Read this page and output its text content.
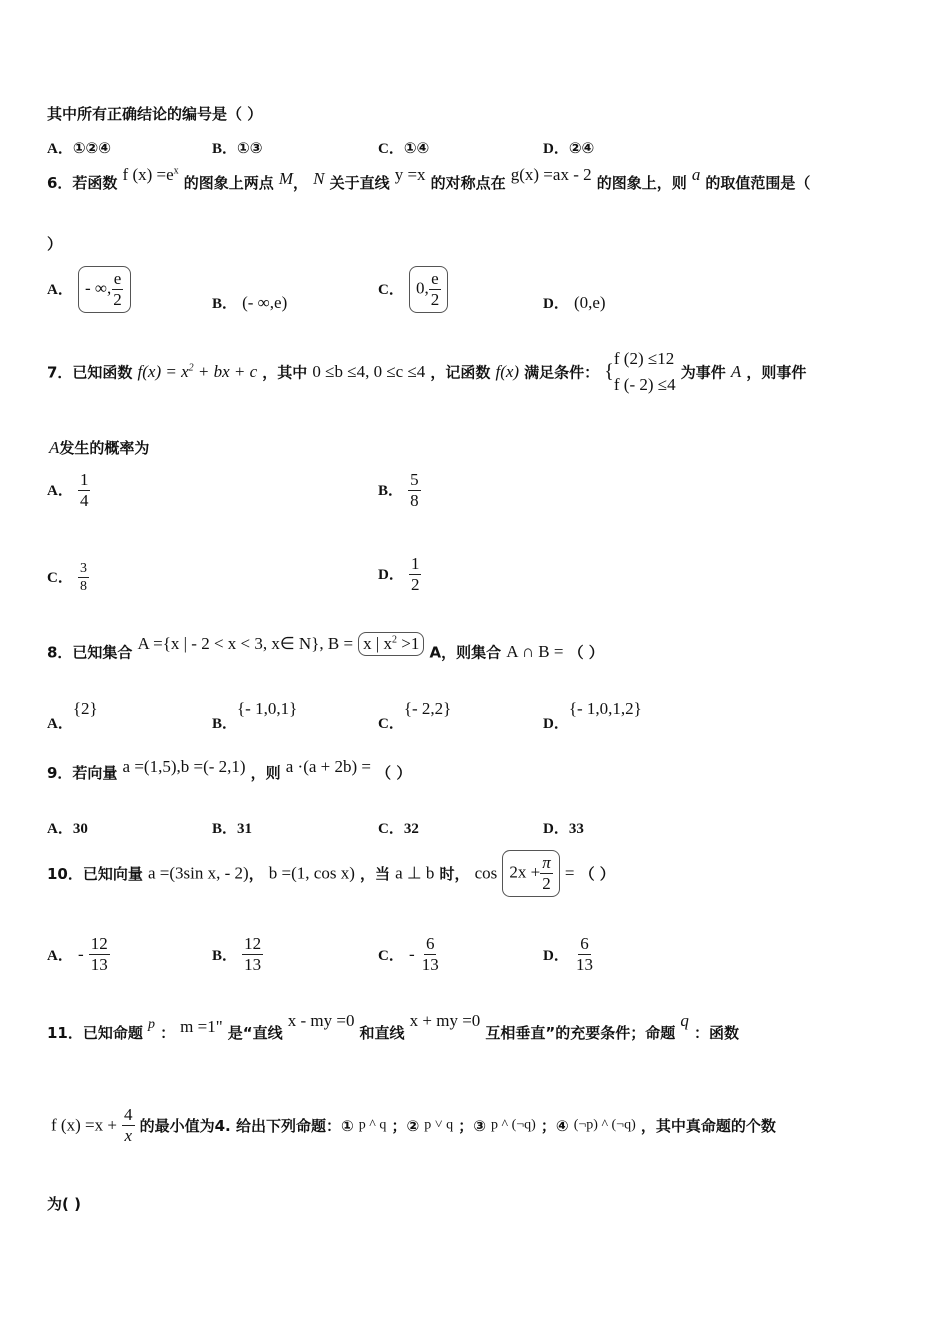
其中所有正确结论的编号是（ ）
A．①②④	B．①③	C．①④	D．②④
6．若函数 f $(x) =e^x$ 的图象上两点 M， N 关于直线 y =x 的对称点在 g(x) =ax - 2 的图象上，则 a 的取值范围是（
）
A． - ∞, $\frac{e}{2}$	B． (- ∞,e)
C． 0, $\frac{e}{2}$	D． (0,e)
7．已知函数 $f(x) = x^2$ + bx + c ，其中 0 ≤b ≤4, 0 ≤c ≤4 ，记函数 f(x) 满足条件： {
f (2) ≤12
f (- 2) ≤4
为事件 A ，则事件
A发生的概率为
A． $\frac{1}{4}$	B． $\frac{5}{8}$
C． $\frac{3}{8}$	D． $\frac{1}{2}$
8．已知集合 A ={x | - 2 < x < 3, x∈ N}, B = x | $x^2 >1$ A，则集合 A ∩ B = （ ）
A．{2}
B．{- 1,0,1}
C．{- 2,2}
D．{- 1,0,1,2}
9．若向量 a =(1,5),b =(- 2,1) ，则 a ·(a + 2b) = （ ）
A．30	B．31	C．32	D．33
10．已知向量 a =(3sin x, - 2)， b =(1, cos x) ，当 a ⊥ b 时， $\cos 2x + \frac{\pi}{2}$ = （ ）
A． - $\frac{12}{13}$	B． $\frac{12}{13}$	C． - $\frac{6}{13}$	D． $\frac{6}{13}$
11．已知命题 p ： m =1" 是“直线 x - my =0 和直线 x + my =0 互相垂直”的充要条件；命题 q ：函数
f $(x) =x + \frac{4}{x}$ 的最小值为4. 给出下列命题：① p ^ q ；② p ˅ q ；③ p ^ (¬q) ；④ (¬p) ^ (¬q) ，其中真命题的个数
为( )
